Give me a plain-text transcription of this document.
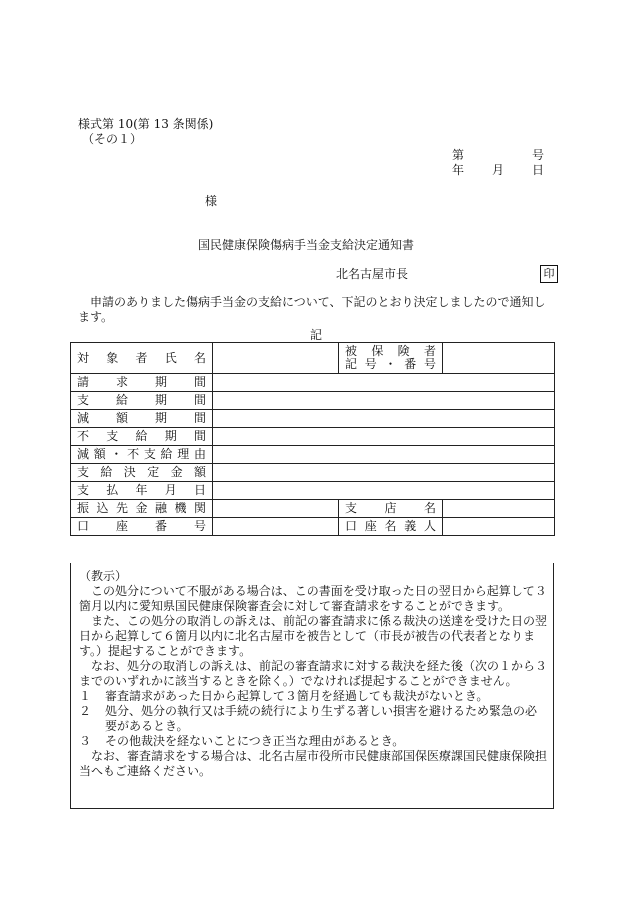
様式第 10(第 13 条関係)
（その１）
第	号
年 月 日
様
国民健康保険傷病手当金支給決定通知書
北名古屋市長	印
申請のありました傷病手当金の支給について、下記のとおり決定しましたので通知します。
記
対象者氏名		被保険者
記号・番号	

請求期間			

支給期間			

減額期間			

不支給期間			

減額・不支給理由			

支給決定金額			

支払年月日			

振込先金融機関		支店名	

口座番号		口座名義人	

（教示）

この処分について不服がある場合は、この書面を受け取った日の翌日から起算して３箇月以内に愛知県国民健康保険審査会に対して審査請求をすることができます。

また、この処分の取消しの訴えは、前記の審査請求に係る裁決の送達を受けた日の翌日から起算して６箇月以内に北名古屋市を被告として（市長が被告の代表者となります。）提起することができます。

なお、処分の取消しの訴えは、前記の審査請求に対する裁決を経た後（次の１から３までのいずれかに該当するときを除く。）でなければ提起することができません。

１ 審査請求があった日から起算して３箇月を経過しても裁決がないとき。

２ 処分、処分の執行又は手続の続行により生ずる著しい損害を避けるため緊急の必要があるとき。

３ その他裁決を経ないことにつき正当な理由があるとき。

なお、審査請求をする場合は、北名古屋市役所市民健康部国保医療課国民健康保険担当へもご連絡ください。
